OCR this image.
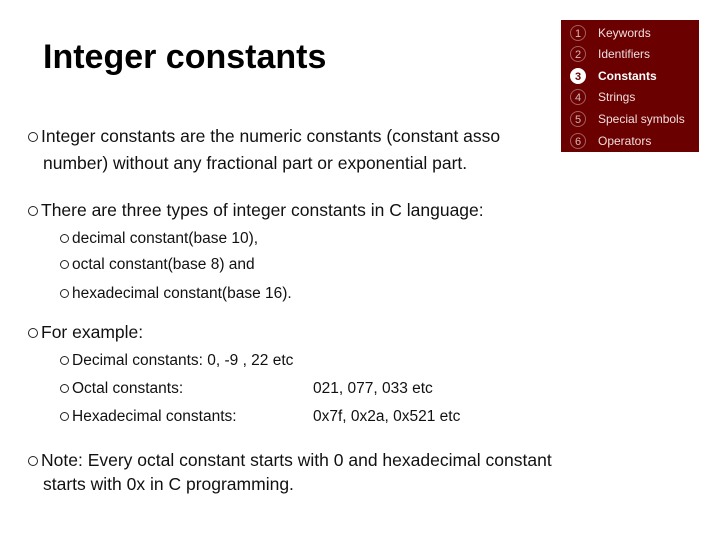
Integer constants
Integer constants are the numeric constants (constant asso
number) without any fractional part or exponential part.
There are three types of integer constants in C language:
decimal constant(base 10),
octal constant(base 8) and
hexadecimal constant(base 16).
For example:
Decimal constants: 0, -9 , 22 etc
Octal constants:	021, 077, 033 etc
Hexadecimal constants:	0x7f, 0x2a, 0x521 etc
Note: Every octal constant starts with 0 and hexadecimal constant
starts with 0x in C programming.
1	Keywords
2	Identifiers
3	Constants
4	Strings
5	Special symbols
6	Operators
